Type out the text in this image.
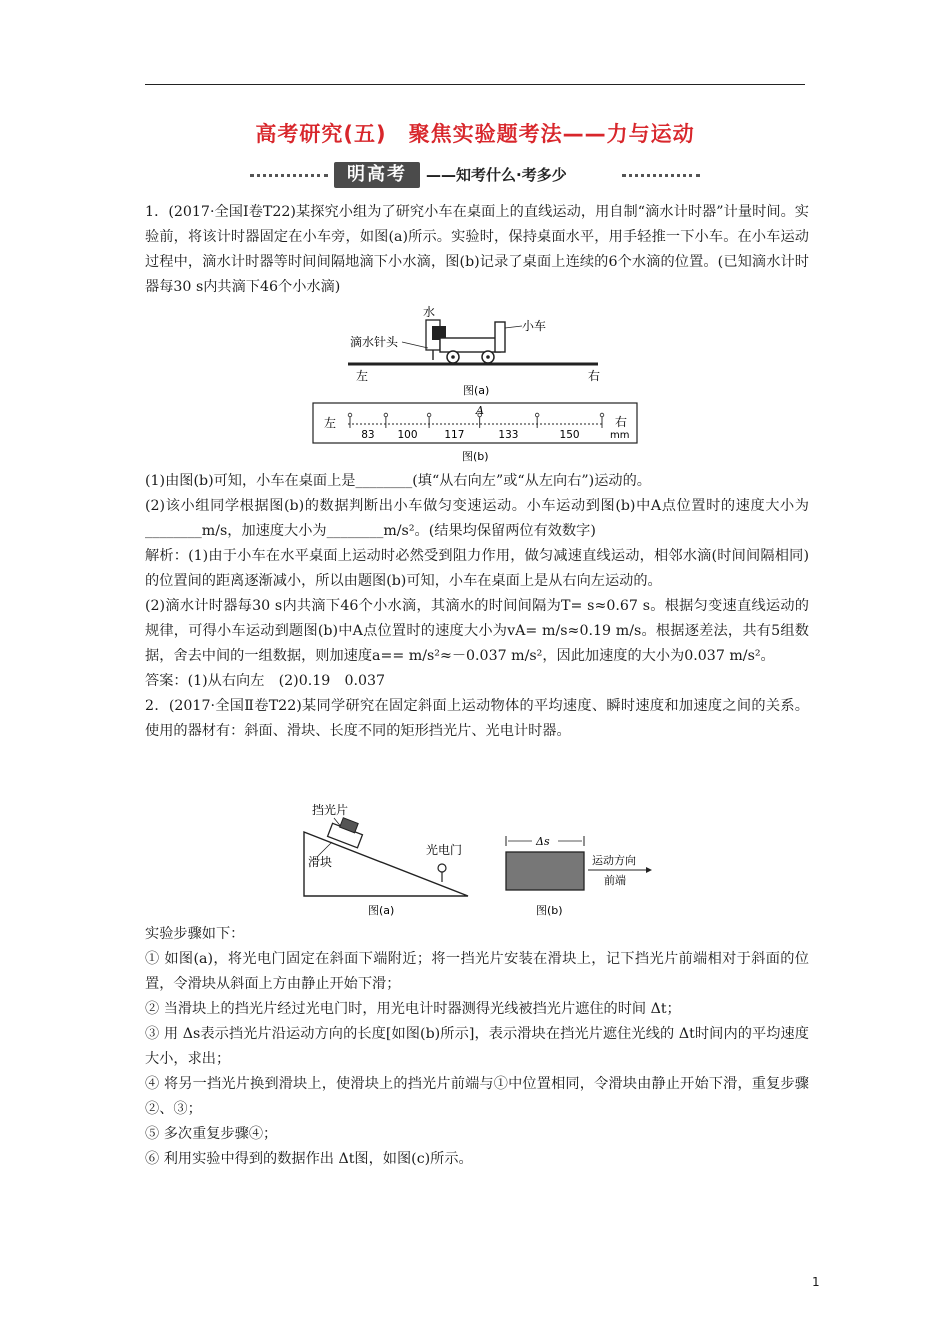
高考研究(五) 聚焦实验题考法——力与运动
明高考	——知考什么·考多少

1．(2017·全国Ⅰ卷T22)某探究小组为了研究小车在桌面上的直线运动，用自制“滴水计时器”计量时间。实验前，将该计时器固定在小车旁，如图(a)所示。实验时，保持桌面水平，用手轻推一下小车。在小车运动过程中，滴水计时器等时间间隔地滴下小水滴，图(b)记录了桌面上连续的6个水滴的位置。(已知滴水计时器每30 s内共滴下46个小水滴)

水
滴水针头
小车
左	右
图(a)
左	右
mm
83 100	117	133	150
A
图(b)

(1)由图(b)可知，小车在桌面上是________(填“从右向左”或“从左向右”)运动的。

(2)该小组同学根据图(b)的数据判断出小车做匀变速运动。小车运动到图(b)中A点位置时的速度大小为________m/s，加速度大小为________m/s²。(结果均保留两位有效数字)

解析：(1)由于小车在水平桌面上运动时必然受到阻力作用，做匀减速直线运动，相邻水滴(时间间隔相同)的位置间的距离逐渐减小，所以由题图(b)可知，小车在桌面上是从右向左运动的。

(2)滴水计时器每30 s内共滴下46个小水滴，其滴水的时间间隔为T= s≈0.67 s。根据匀变速直线运动的规律，可得小车运动到题图(b)中A点位置时的速度大小为vA= m/s≈0.19 m/s。根据逐差法，共有5组数据，舍去中间的一组数据，则加速度a== m/s²≈－0.037 m/s²，因此加速度的大小为0.037 m/s²。

答案：(1)从右向左　(2)0.19　0.037

2．(2017·全国Ⅱ卷T22)某同学研究在固定斜面上运动物体的平均速度、瞬时速度和加速度之间的关系。使用的器材有：斜面、滑块、长度不同的矩形挡光片、光电计时器。

挡光片
滑块
光电门
图(a)
Δs
运动方向
前端
图(b)

实验步骤如下：

① 如图(a)，将光电门固定在斜面下端附近；将一挡光片安装在滑块上，记下挡光片前端相对于斜面的位置，令滑块从斜面上方由静止开始下滑；

② 当滑块上的挡光片经过光电门时，用光电计时器测得光线被挡光片遮住的时间 Δt；

③ 用 Δs表示挡光片沿运动方向的长度[如图(b)所示]，表示滑块在挡光片遮住光线的 Δt时间内的平均速度大小，求出；

④ 将另一挡光片换到滑块上，使滑块上的挡光片前端与①中位置相同，令滑块由静止开始下滑，重复步骤②、③；

⑤ 多次重复步骤④；

⑥ 利用实验中得到的数据作出 Δt图，如图(c)所示。

1
